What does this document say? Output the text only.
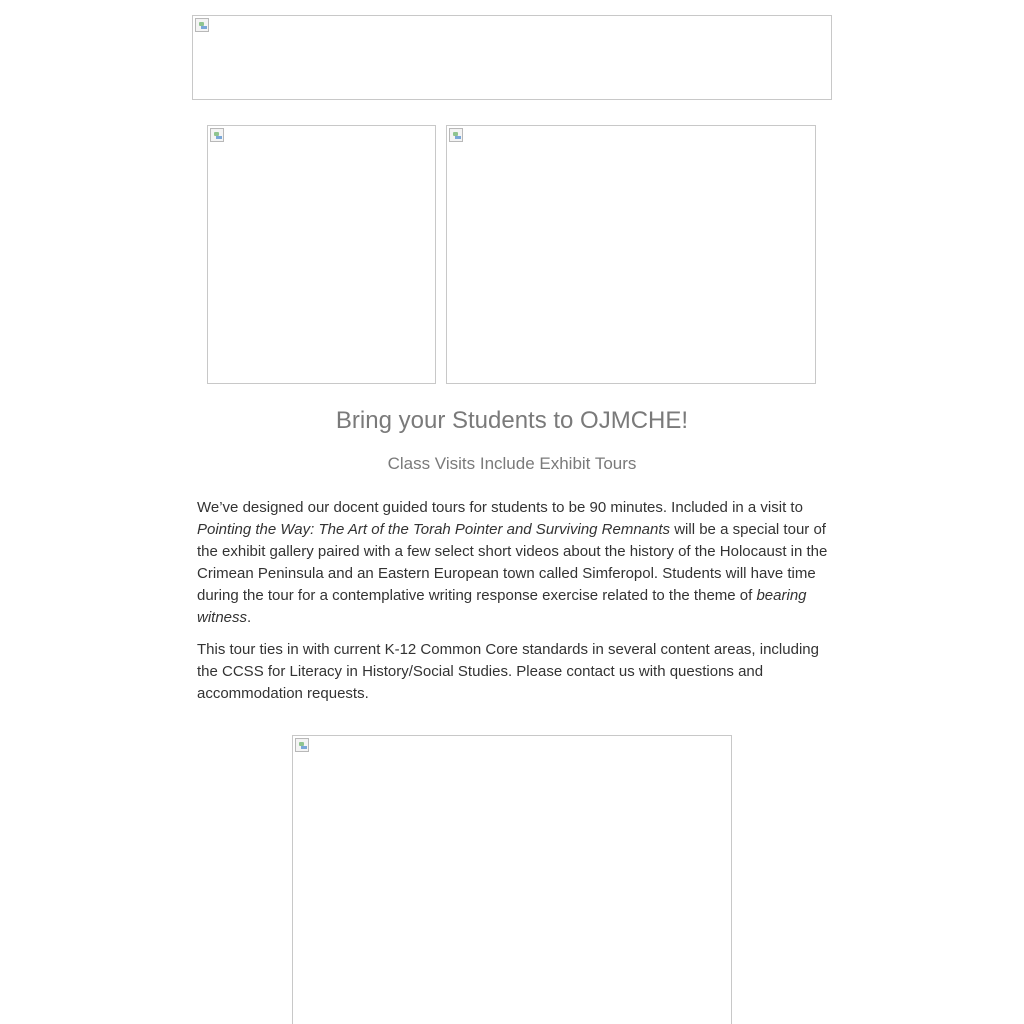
Bring your Students to OJMCHE!
Class Visits Include Exhibit Tours

We’ve designed our docent guided tours for students to be 90 minutes. Included in a visit to Pointing the Way: The Art of the Torah Pointer and Surviving Remnants will be a special tour of the exhibit gallery paired with a few select short videos about the history of the Holocaust in the Crimean Peninsula and an Eastern European town called Simferopol. Students will have time during the tour for a contemplative writing response exercise related to the theme of bearing witness.

This tour ties in with current K-12 Common Core standards in several content areas, including the CCSS for Literacy in History/Social Studies. Please contact us with questions and accommodation requests.
